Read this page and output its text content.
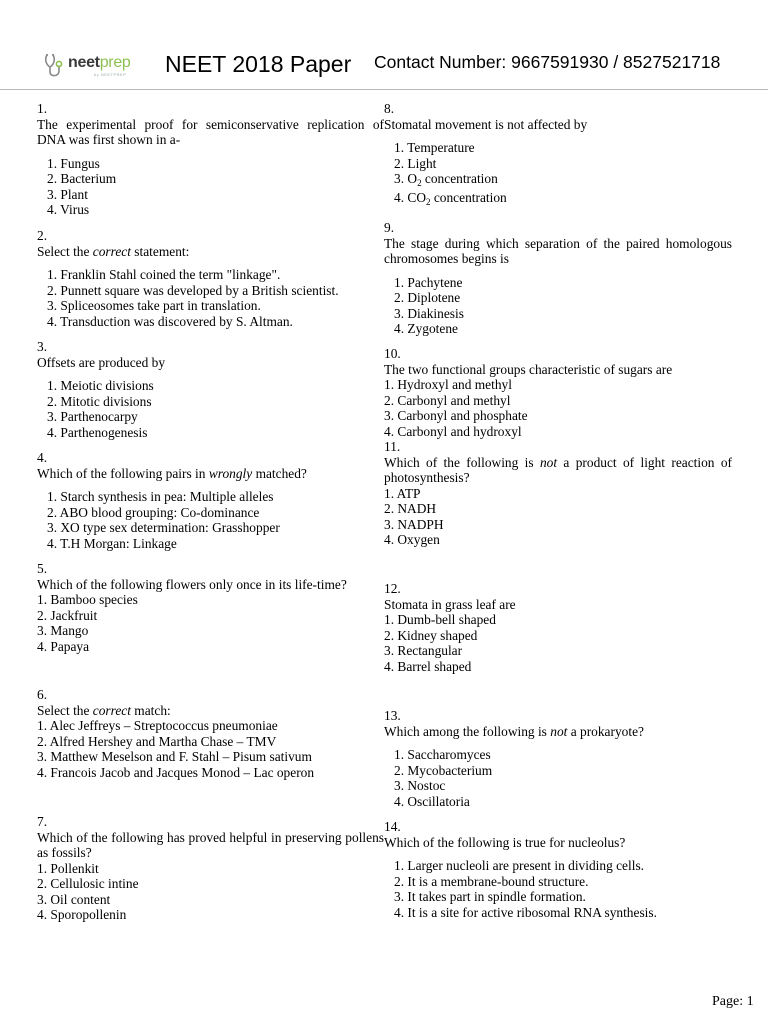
neetprep
by NEETPREP NEET 2018 Paper Contact Number: 9667591930 / 8527521718
1.
The experimental proof for semiconservative replication of DNA was first shown in a-
1. Fungus
2. Bacterium
3. Plant
4. Virus
2.
Select the correct statement:
1. Franklin Stahl coined the term "linkage".
2. Punnett square was developed by a British scientist.
3. Spliceosomes take part in translation.
4. Transduction was discovered by S. Altman.
3.
Offsets are produced by
1. Meiotic divisions
2. Mitotic divisions
3. Parthenocarpy
4. Parthenogenesis
4.
Which of the following pairs in wrongly matched?
1. Starch synthesis in pea: Multiple alleles
2. ABO blood grouping: Co-dominance
3. XO type sex determination: Grasshopper
4. T.H Morgan: Linkage
5.
Which of the following flowers only once in its life-time?
1. Bamboo species
2. Jackfruit
3. Mango
4. Papaya
6.
Select the correct match:
1. Alec Jeffreys – Streptococcus pneumoniae
2. Alfred Hershey and Martha Chase – TMV
3. Matthew Meselson and F. Stahl – Pisum sativum
4. Francois Jacob and Jacques Monod – Lac operon
7.
Which of the following has proved helpful in preserving pollens as fossils?
1. Pollenkit
2. Cellulosic intine
3. Oil content
4. Sporopollenin
8.
Stomatal movement is not affected by
1. Temperature
2. Light
3. $O_2$ concentration
4. $CO_2$ concentration
9.
The stage during which separation of the paired homologous chromosomes begins is
1. Pachytene
2. Diplotene
3. Diakinesis
4. Zygotene
10.
The two functional groups characteristic of sugars are
1. Hydroxyl and methyl
2. Carbonyl and methyl
3. Carbonyl and phosphate
4. Carbonyl and hydroxyl
11.
Which of the following is not a product of light reaction of photosynthesis?
1. ATP
2. NADH
3. NADPH
4. Oxygen
12.
Stomata in grass leaf are
1. Dumb-bell shaped
2. Kidney shaped
3. Rectangular
4. Barrel shaped
13.
Which among the following is not a prokaryote?
1. Saccharomyces
2. Mycobacterium
3. Nostoc
4. Oscillatoria
14.
Which of the following is true for nucleolus?
1. Larger nucleoli are present in dividing cells.
2. It is a membrane-bound structure.
3. It takes part in spindle formation.
4. It is a site for active ribosomal RNA synthesis.
Page: 1
